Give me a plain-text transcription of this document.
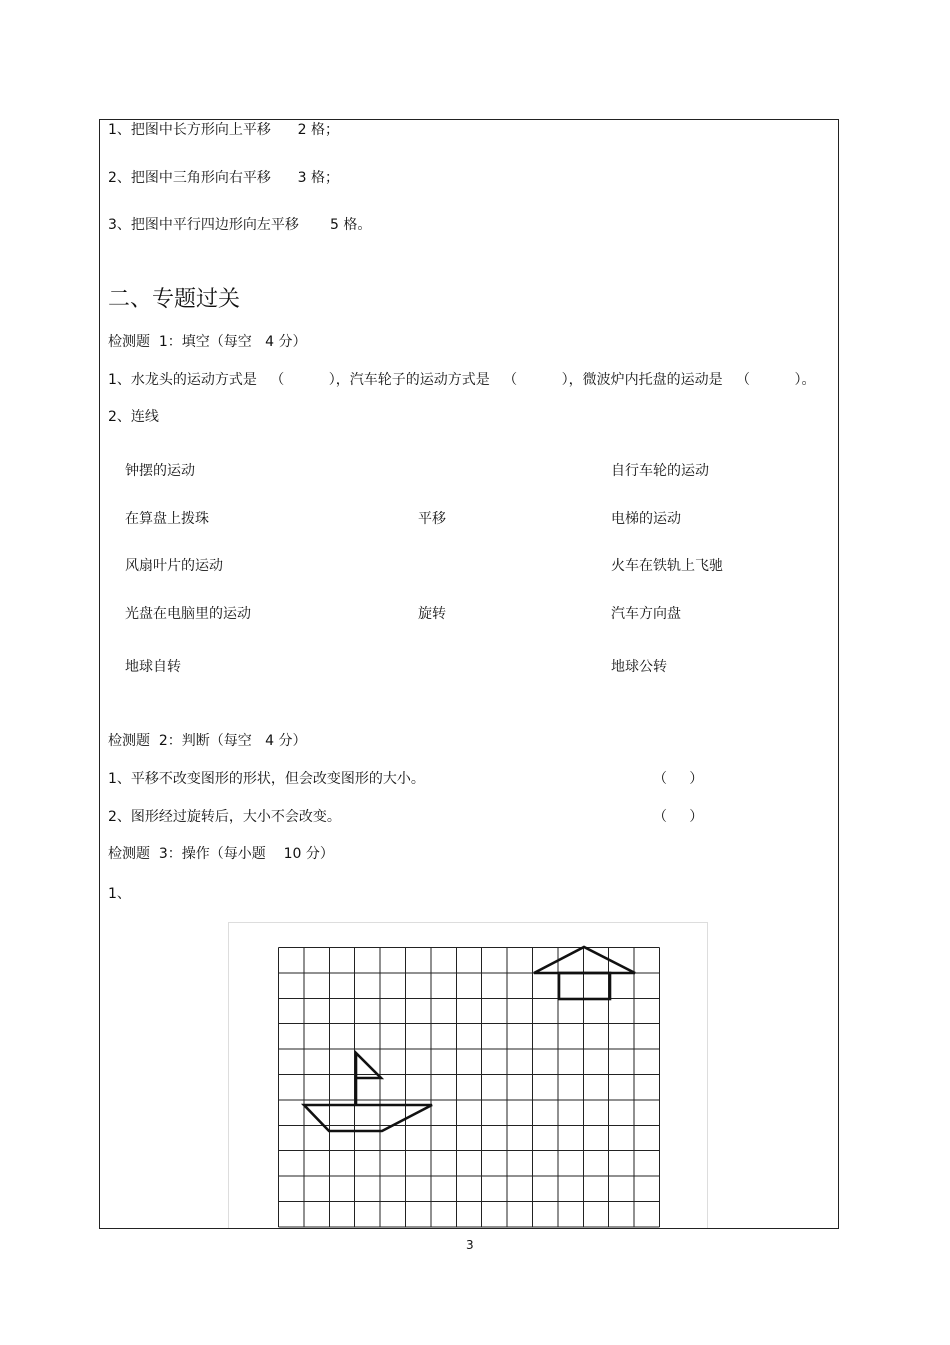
1、把图中长方形向上平移      2 格；
2、把图中三角形向右平移      3 格；
3、把图中平行四边形向左平移       5 格。
二、专题过关
检测题  1：填空（每空   4 分）
1、水龙头的运动方式是   （          ），汽车轮子的运动方式是   （          ），微波炉内托盘的运动是   （          ）。
2、连线
钟摆的运动
在算盘上拨珠
风扇叶片的运动
光盘在电脑里的运动
地球自转
平移
旋转
自行车轮的运动
电梯的运动
火车在铁轨上飞驰
汽车方向盘
地球公转
检测题  2：判断（每空   4 分）
1、平移不改变图形的形状，但会改变图形的大小。	（     ）
2、图形经过旋转后，大小不会改变。	（     ）
检测题  3：操作（每小题    10 分）
1、
3
